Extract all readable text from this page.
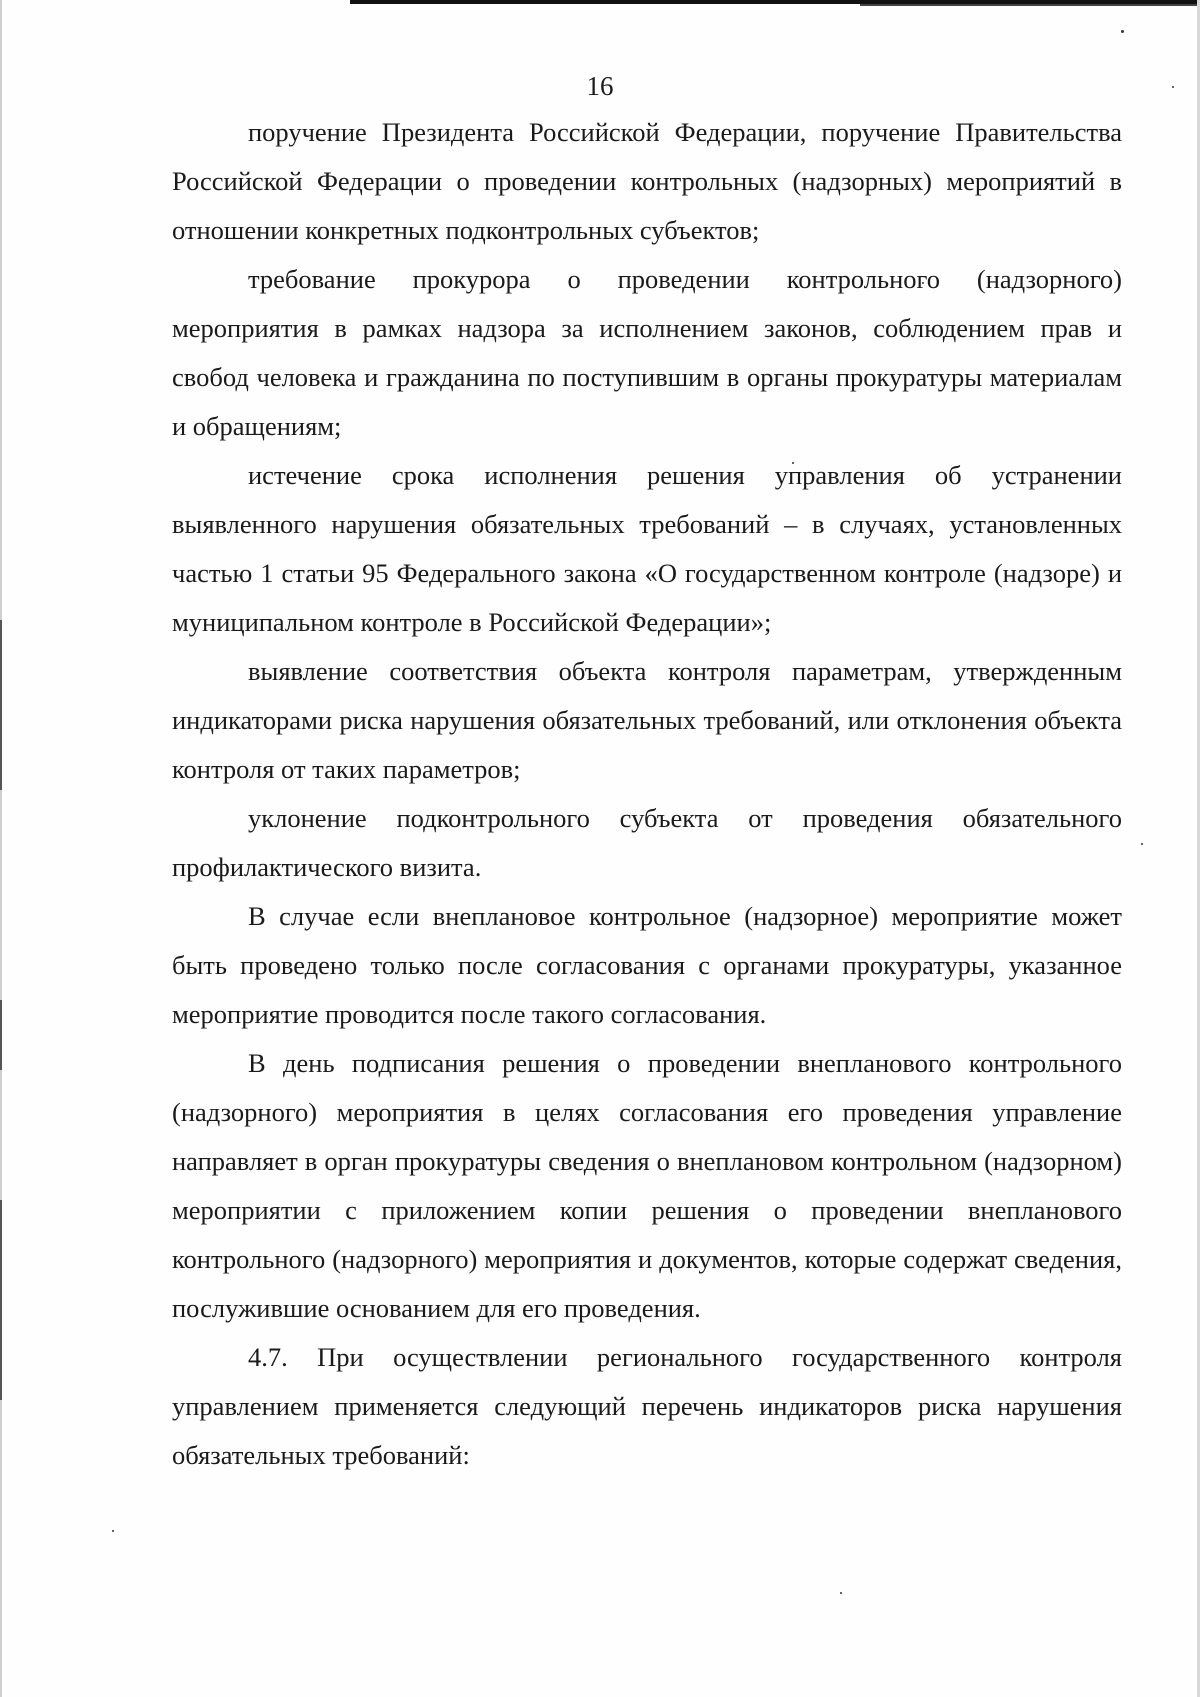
16

поручение Президента Российской Федерации, поручение Правительства Российской Федерации о проведении контрольных (надзорных) мероприятий в отношении конкретных подконтрольных субъектов;

требование прокурора о проведении контрольного (надзорного) мероприятия в рамках надзора за исполнением законов, соблюдением прав и свобод человека и гражданина по поступившим в органы прокуратуры материалам и обращениям;

истечение срока исполнения решения управления об устранении выявленного нарушения обязательных требований – в случаях, установленных частью 1 статьи 95 Федерального закона «О государственном контроле (надзоре) и муниципальном контроле в Российской Федерации»;

выявление соответствия объекта контроля параметрам, утвержденным индикаторами риска нарушения обязательных требований, или отклонения объекта контроля от таких параметров;

уклонение подконтрольного субъекта от проведения обязательного профилактического визита.

В случае если внеплановое контрольное (надзорное) мероприятие может быть проведено только после согласования с органами прокуратуры, указанное мероприятие проводится после такого согласования.

В день подписания решения о проведении внепланового контрольного (надзорного) мероприятия в целях согласования его проведения управление направляет в орган прокуратуры сведения о внеплановом контрольном (надзорном) мероприятии с приложением копии решения о проведении внепланового контрольного (надзорного) мероприятия и документов, которые содержат сведения, послужившие основанием для его проведения.

4.7. При осуществлении регионального государственного контроля управлением применяется следующий перечень индикаторов риска нарушения обязательных требований:
